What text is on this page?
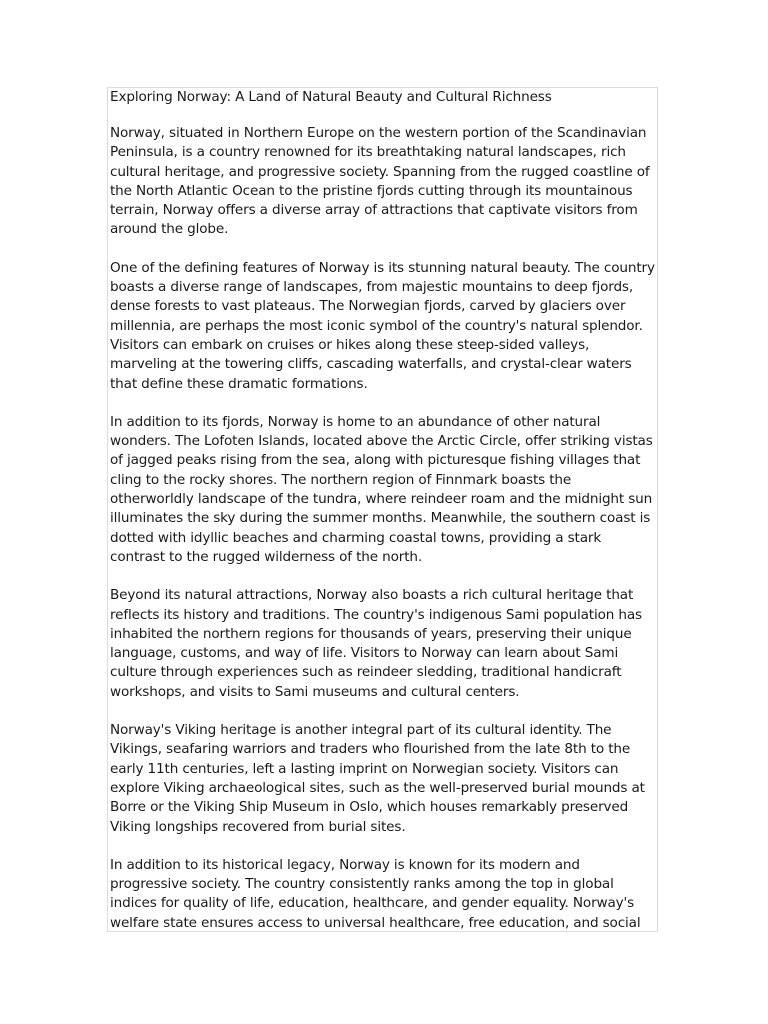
Exploring Norway: A Land of Natural Beauty and Cultural Richness

Norway, situated in Northern Europe on the western portion of the Scandinavian Peninsula, is a country renowned for its breathtaking natural landscapes, rich cultural heritage, and progressive society. Spanning from the rugged coastline of the North Atlantic Ocean to the pristine fjords cutting through its mountainous terrain, Norway offers a diverse array of attractions that captivate visitors from around the globe.

One of the defining features of Norway is its stunning natural beauty. The country boasts a diverse range of landscapes, from majestic mountains to deep fjords, dense forests to vast plateaus. The Norwegian fjords, carved by glaciers over millennia, are perhaps the most iconic symbol of the country's natural splendor. Visitors can embark on cruises or hikes along these steep-sided valleys, marveling at the towering cliffs, cascading waterfalls, and crystal-clear waters that define these dramatic formations.

In addition to its fjords, Norway is home to an abundance of other natural wonders. The Lofoten Islands, located above the Arctic Circle, offer striking vistas of jagged peaks rising from the sea, along with picturesque fishing villages that cling to the rocky shores. The northern region of Finnmark boasts the otherworldly landscape of the tundra, where reindeer roam and the midnight sun illuminates the sky during the summer months. Meanwhile, the southern coast is dotted with idyllic beaches and charming coastal towns, providing a stark contrast to the rugged wilderness of the north.

Beyond its natural attractions, Norway also boasts a rich cultural heritage that reflects its history and traditions. The country's indigenous Sami population has inhabited the northern regions for thousands of years, preserving their unique language, customs, and way of life. Visitors to Norway can learn about Sami culture through experiences such as reindeer sledding, traditional handicraft workshops, and visits to Sami museums and cultural centers.

Norway's Viking heritage is another integral part of its cultural identity. The Vikings, seafaring warriors and traders who flourished from the late 8th to the early 11th centuries, left a lasting imprint on Norwegian society. Visitors can explore Viking archaeological sites, such as the well-preserved burial mounds at Borre or the Viking Ship Museum in Oslo, which houses remarkably preserved Viking longships recovered from burial sites.

In addition to its historical legacy, Norway is known for its modern and progressive society. The country consistently ranks among the top in global indices for quality of life, education, healthcare, and gender equality. Norway's welfare state ensures access to universal healthcare, free education, and social
